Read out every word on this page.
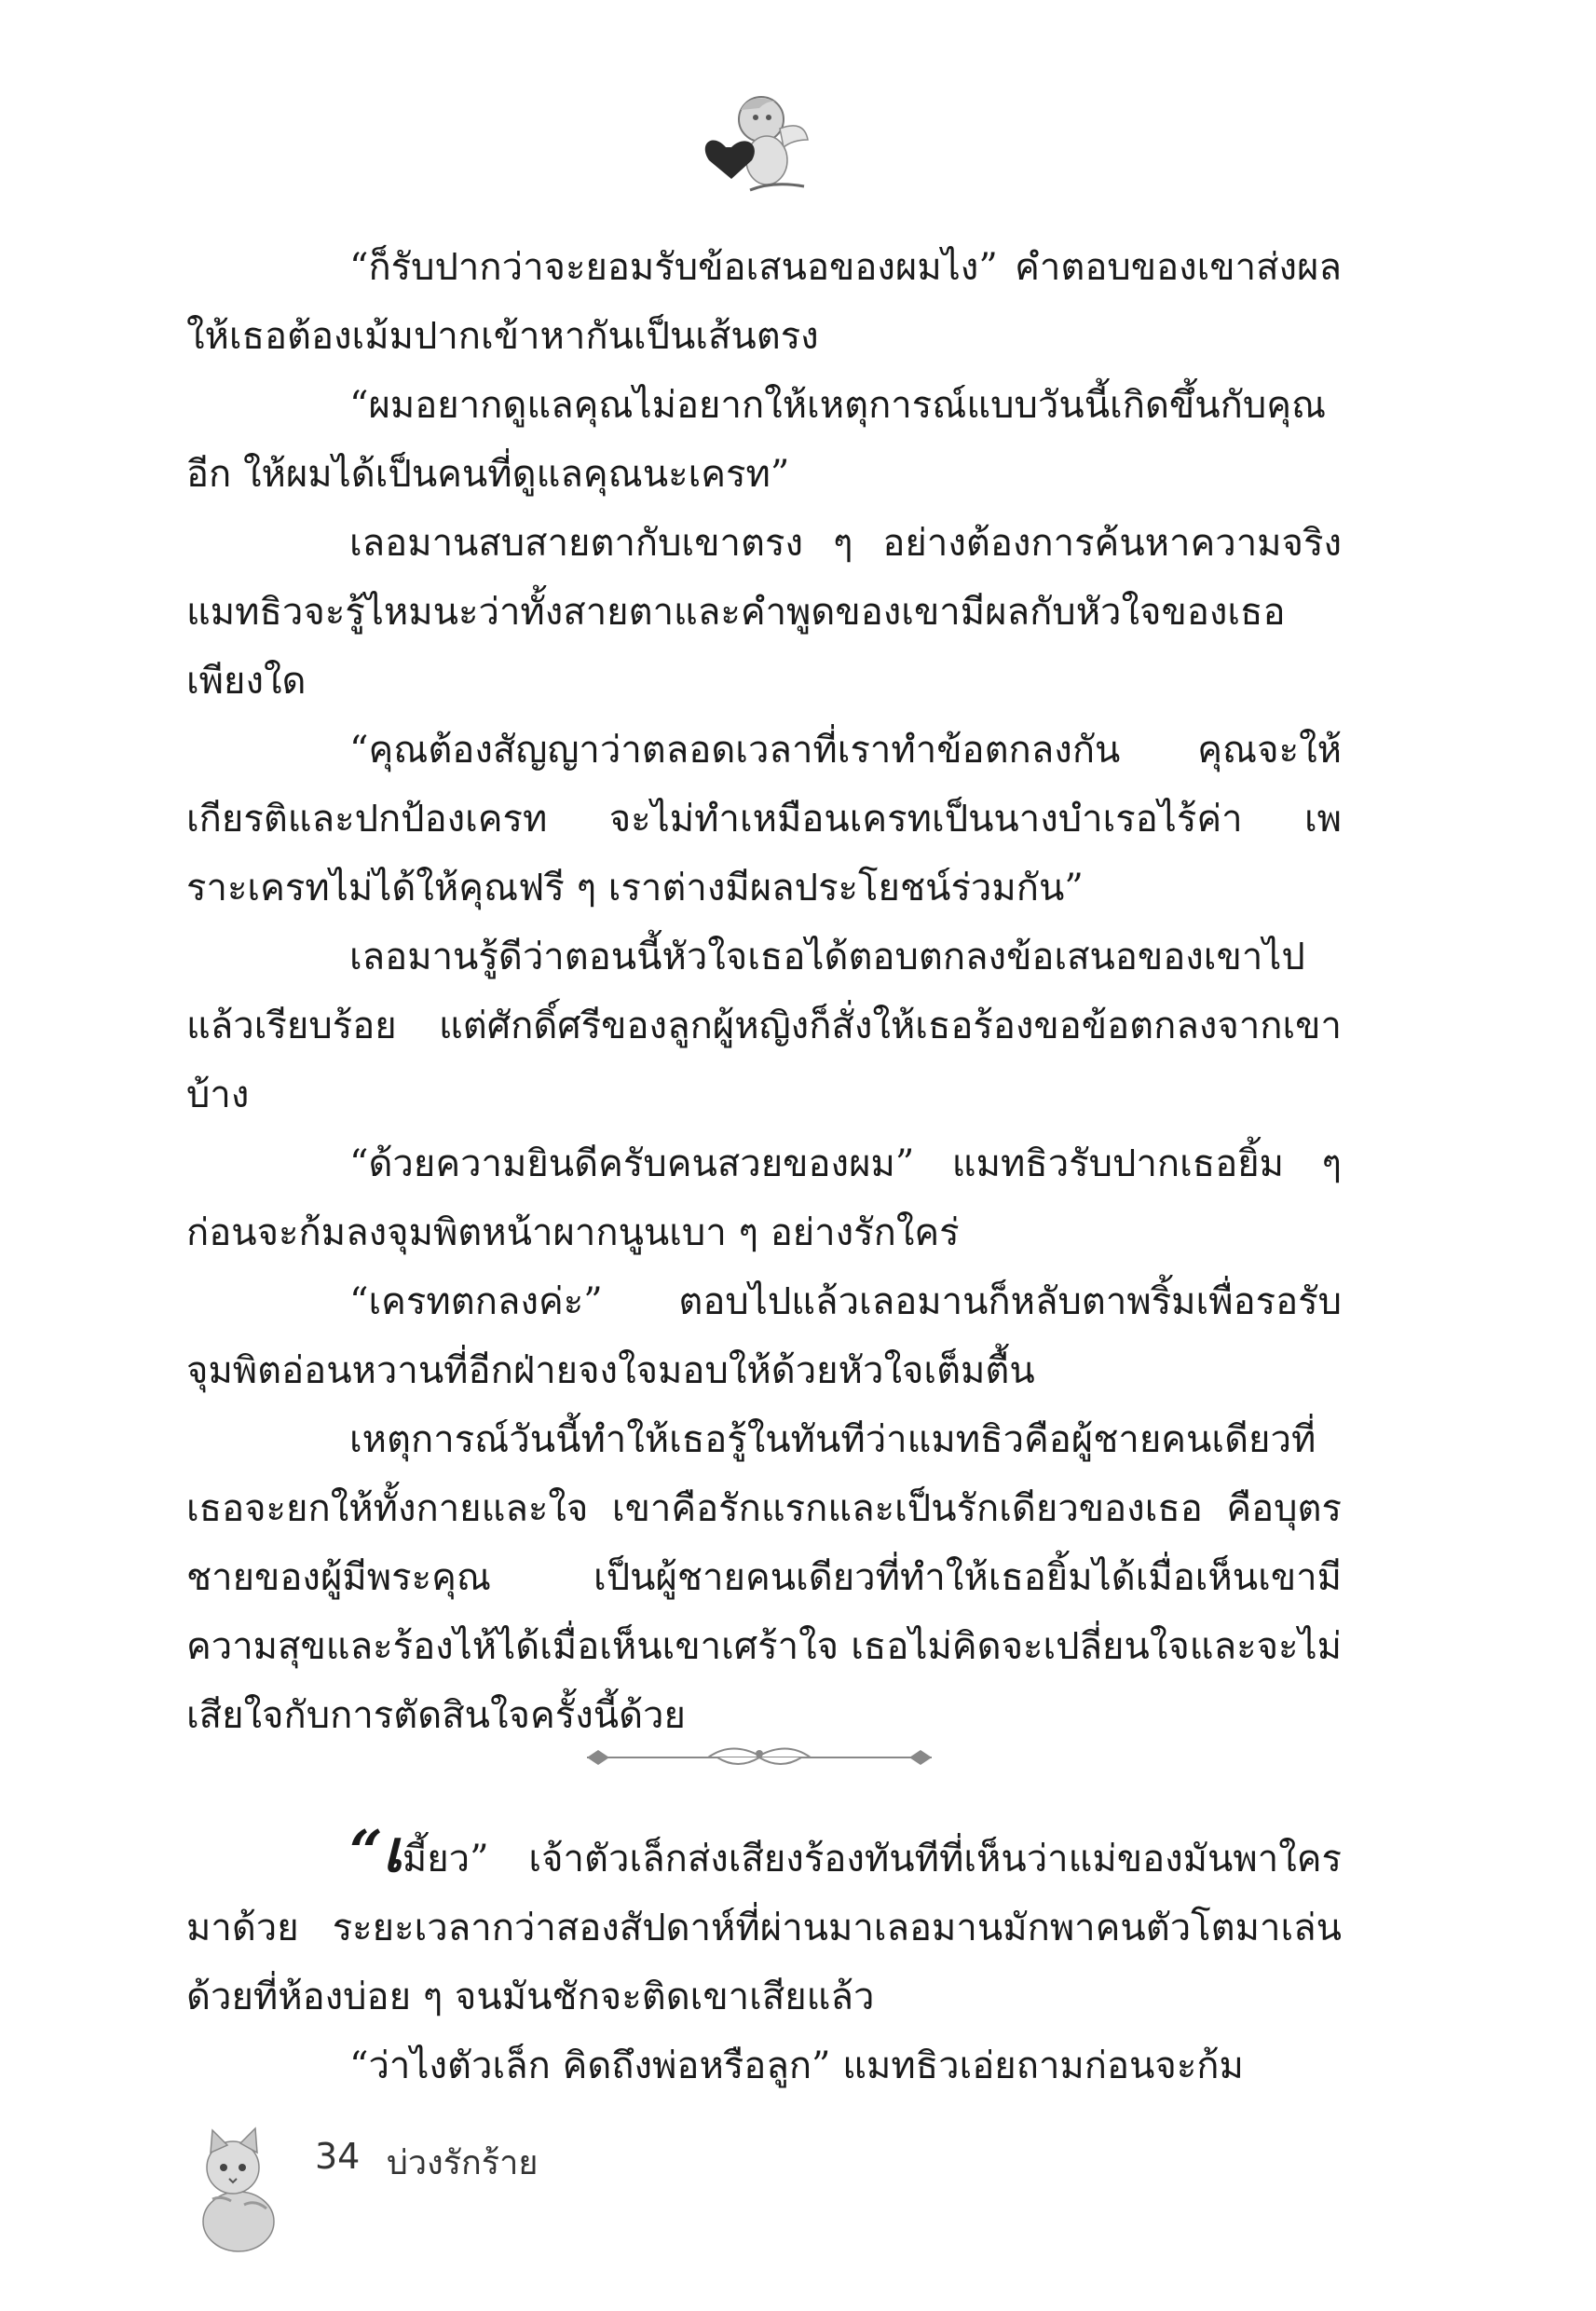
“ก็รับปากว่าจะยอมรับข้อเสนอของผมไง” คำตอบของเขาส่งผลให้เธอต้องเม้มปากเข้าหากันเป็นเส้นตรง

“ผมอยากดูแลคุณไม่อยากให้เหตุการณ์แบบวันนี้เกิดขึ้นกับคุณอีก ให้ผมได้เป็นคนที่ดูแลคุณนะเครท”

เลอมานสบสายตากับเขาตรง ๆ อย่างต้องการค้นหาความจริง แมทธิวจะรู้ไหมนะว่าทั้งสายตาและคำพูดของเขามีผลกับหัวใจของเธอเพียงใด

“คุณต้องสัญญาว่าตลอดเวลาที่เราทำข้อตกลงกัน คุณจะให้เกียรติและปกป้องเครท จะไม่ทำเหมือนเครทเป็นนางบำเรอไร้ค่า เพราะเครทไม่ได้ให้คุณฟรี ๆ เราต่างมีผลประโยชน์ร่วมกัน”

เลอมานรู้ดีว่าตอนนี้หัวใจเธอได้ตอบตกลงข้อเสนอของเขาไปแล้วเรียบร้อย แต่ศักดิ์ศรีของลูกผู้หญิงก็สั่งให้เธอร้องขอข้อตกลงจากเขาบ้าง

“ด้วยความยินดีครับคนสวยของผม” แมทธิวรับปากเธอยิ้ม ๆ ก่อนจะก้มลงจุมพิตหน้าผากนูนเบา ๆ อย่างรักใคร่

“เครทตกลงค่ะ” ตอบไปแล้วเลอมานก็หลับตาพริ้มเพื่อรอรับจุมพิตอ่อนหวานที่อีกฝ่ายจงใจมอบให้ด้วยหัวใจเต็มตื้น

เหตุการณ์วันนี้ทำให้เธอรู้ในทันทีว่าแมทธิวคือผู้ชายคนเดียวที่เธอจะยกให้ทั้งกายและใจ เขาคือรักแรกและเป็นรักเดียวของเธอ คือบุตรชายของผู้มีพระคุณ เป็นผู้ชายคนเดียวที่ทำให้เธอยิ้มได้เมื่อเห็นเขามีความสุขและร้องไห้ได้เมื่อเห็นเขาเศร้าใจ เธอไม่คิดจะเปลี่ยนใจและจะไม่เสียใจกับการตัดสินใจครั้งนี้ด้วย

“เมี้ยว” เจ้าตัวเล็กส่งเสียงร้องทันทีที่เห็นว่าแม่ของมันพาใครมาด้วย ระยะเวลากว่าสองสัปดาห์ที่ผ่านมาเลอมานมักพาคนตัวโตมาเล่นด้วยที่ห้องบ่อย ๆ จนมันชักจะติดเขาเสียแล้ว

“ว่าไงตัวเล็ก คิดถึงพ่อหรือลูก” แมทธิวเอ่ยถามก่อนจะก้ม

34 บ่วงรักร้าย
